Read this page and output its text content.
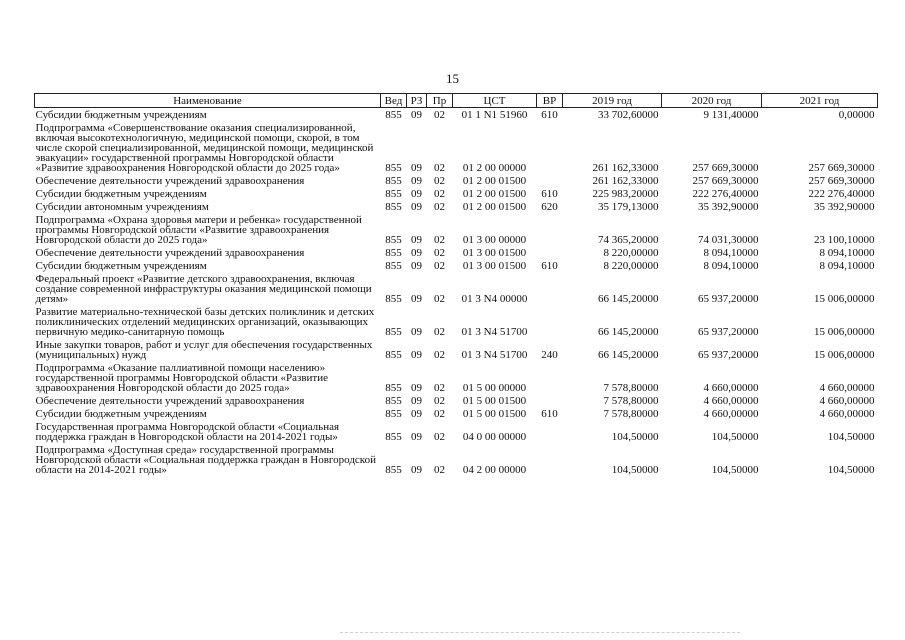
15
Наименование	Вед	РЗ	Пр	ЦСТ	ВР	2019 год	2020 год	2021 год
Субсидии бюджетным учреждениям	855	09	02	01 1 N1 51960	610	33 702,60000	9 131,40000	0,00000
Подпрограмма «Совершенствование оказания специализированной, включая высокотехнологичную, медицинской помощи, скорой, в том числе скорой специализированной, медицинской помощи, медицинской эвакуации» государственной программы Новгородской области «Развитие здравоохранения Новгородской области до 2025 года»	855	09	02	01 2 00 00000		261 162,33000	257 669,30000	257 669,30000
Обеспечение деятельности учреждений здравоохранения	855	09	02	01 2 00 01500		261 162,33000	257 669,30000	257 669,30000
Субсидии бюджетным учреждениям	855	09	02	01 2 00 01500	610	225 983,20000	222 276,40000	222 276,40000
Субсидии автономным учреждениям	855	09	02	01 2 00 01500	620	35 179,13000	35 392,90000	35 392,90000
Подпрограмма «Охрана здоровья матери и ребенка» государственной программы Новгородской области «Развитие здравоохранения Новгородской области до 2025 года»	855	09	02	01 3 00 00000		74 365,20000	74 031,30000	23 100,10000
Обеспечение деятельности учреждений здравоохранения	855	09	02	01 3 00 01500		8 220,00000	8 094,10000	8 094,10000
Субсидии бюджетным учреждениям	855	09	02	01 3 00 01500	610	8 220,00000	8 094,10000	8 094,10000
Федеральный проект «Развитие детского здравоохранения, включая создание современной инфраструктуры оказания медицинской помощи детям»	855	09	02	01 3 N4 00000		66 145,20000	65 937,20000	15 006,00000
Развитие материально-технической базы детских поликлиник и детских поликлинических отделений медицинских организаций, оказывающих первичную медико-санитарную помощь	855	09	02	01 3 N4 51700		66 145,20000	65 937,20000	15 006,00000
Иные закупки товаров, работ и услуг для обеспечения государственных (муниципальных) нужд	855	09	02	01 3 N4 51700	240	66 145,20000	65 937,20000	15 006,00000
Подпрограмма «Оказание паллиативной помощи населению» государственной программы Новгородской области «Развитие здравоохранения Новгородской области до 2025 года»	855	09	02	01 5 00 00000		7 578,80000	4 660,00000	4 660,00000
Обеспечение деятельности учреждений здравоохранения	855	09	02	01 5 00 01500		7 578,80000	4 660,00000	4 660,00000
Субсидии бюджетным учреждениям	855	09	02	01 5 00 01500	610	7 578,80000	4 660,00000	4 660,00000
Государственная программа Новгородской области «Социальная поддержка граждан в Новгородской области на 2014-2021 годы»	855	09	02	04 0 00 00000		104,50000	104,50000	104,50000
Подпрограмма «Доступная среда» государственной программы Новгородской области «Социальная поддержка граждан в Новгородской области на 2014-2021 годы»	855	09	02	04 2 00 00000		104,50000	104,50000	104,50000
